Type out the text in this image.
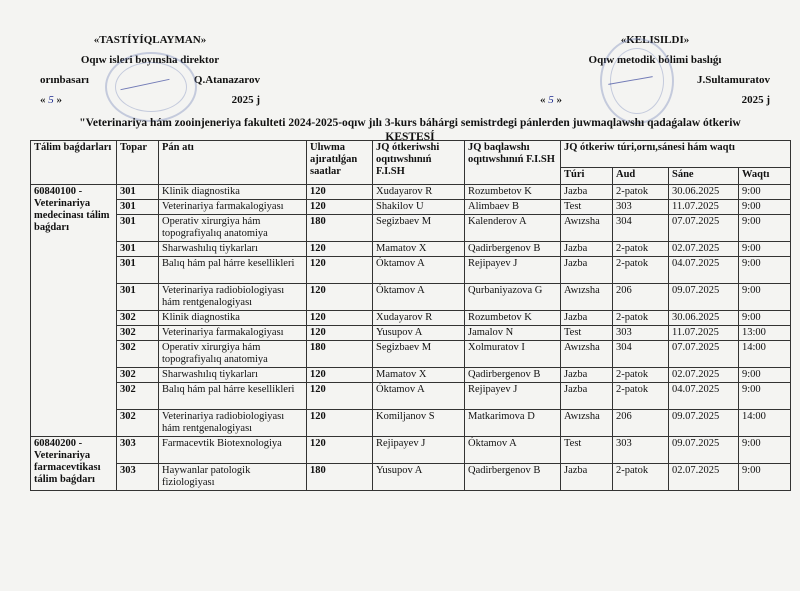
«TASTÍYÍQLAYMAN»
Oqıw isleri boyınsha direktor
orınbasarı	Q.Atanazarov
« 5 »	2025 j
«KELISILDI»
Oqıw metodik bólimi baslıǵı
J.Sultamuratov
« 5 »	2025 j
"Veterinariya hám zooinjeneriya fakulteti 2024-2025-oqıw jılı 3-kurs báhárgi semistrdegi pánlerden juwmaqlawshı qadaǵalaw ótkeriw
KESTESÍ
Tálim baǵdarları	Topar	Pán atı	Ulıwma ajıratılǵan saatlar	JQ ótkeriwshi oqıtıwshınıń F.I.SH	JQ baqlawshı oqıtıwshınıń F.I.SH	JQ ótkeriw túri,ornı,sánesi hám waqtı			
						Túri	Aud	Sáne	Waqtı
60840100 - Veterinariya medecinası tálim baǵdarı	301	Klinik diagnostika	120	Xudayarov R	Rozumbetov K	Jazba	2-patok	30.06.2025	9:00
	301	Veterinariya farmakalogiyası	120	Shakilov U	Alimbaev B	Test	303	11.07.2025	9:00
	301	Operativ xirurgiya hám topografiyalıq anatomiya	180	Segizbaev M	Kalenderov A	Awızsha	304	07.07.2025	9:00
	301	Sharwashılıq tiykarları	120	Mamatov X	Qadirbergenov B	Jazba	2-patok	02.07.2025	9:00
	301	Balıq hám pal hárre kesellikleri	120	Óktamov A	Rejipayev J	Jazba	2-patok	04.07.2025	9:00
	301	Veterinariya radiobiologiyası hám rentgenalogiyası	120	Óktamov A	Qurbaniyazova G	Awızsha	206	09.07.2025	9:00
	302	Klinik diagnostika	120	Xudayarov R	Rozumbetov K	Jazba	2-patok	30.06.2025	9:00
	302	Veterinariya farmakalogiyası	120	Yusupov A	Jamalov N	Test	303	11.07.2025	13:00
	302	Operativ xirurgiya hám topografiyalıq anatomiya	180	Segizbaev M	Xolmuratov I	Awızsha	304	07.07.2025	14:00
	302	Sharwashılıq tiykarları	120	Mamatov X	Qadirbergenov B	Jazba	2-patok	02.07.2025	9:00
	302	Balıq hám pal hárre kesellikleri	120	Óktamov A	Rejipayev J	Jazba	2-patok	04.07.2025	9:00
	302	Veterinariya radiobiologiyası hám rentgenalogiyası	120	Komiljanov S	Matkarimova D	Awızsha	206	09.07.2025	14:00
60840200 - Veterinariya farmacevtikası tálim baǵdarı	303	Farmacevtik Biotexnologiya	120	Rejipayev J	Óktamov A	Test	303	09.07.2025	9:00
	303	Haywanlar patologik fiziologiyası	180	Yusupov A	Qadirbergenov B	Jazba	2-patok	02.07.2025	9:00
